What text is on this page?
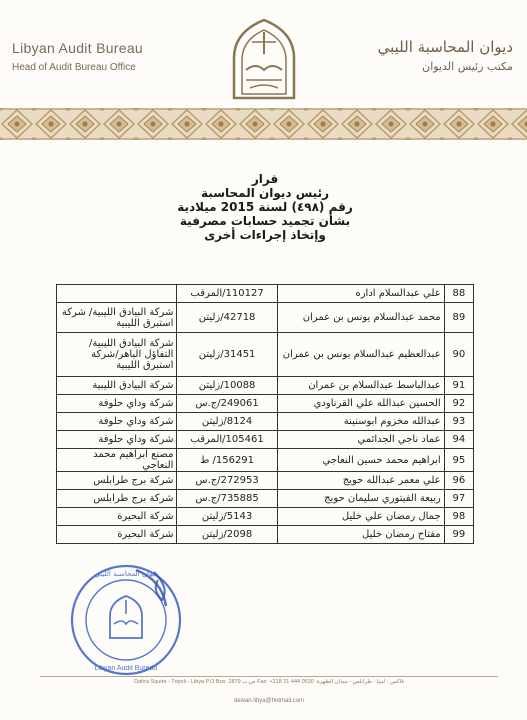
Libyan Audit Bureau
Head of Audit Bureau Office
ديوان المحاسبة الليبي
مكتب رئيس الديوان
قرار
رئيس ديوان المحاسبة
رقم (٤٩٨) لسنة 2015 ميلادية
بشأن تجميد حسابات مصرفية
وإتخاذ إجراءات أخرى
88	علي عبدالسلام اداره	110127/المرقب	
89	محمد عبدالسلام يونس بن عمران	42718/زليتن	شركة البيادق الليبية/ شركة استبرق الليبية
90	عبدالعظيم عبدالسلام يونس بن عمران	31451/زليتن	شركة البيادق الليبية/ التفاؤل الباهر/شركة استبرق الليبية
91	عبدالباسط عبدالسلام بن عمران	10088/زليتن	شركة البيادق الليبية
92	الحسين عبدالله علي القرناودي	249061/ج.س	شركة وداي حلوفة
93	عبدالله مخزوم ابوسنينة	8124/زليتن	شركة وداي حلوفة
94	عماد ناجي الجدائمي	105461/المرقب	شركة وداي حلوفة
95	ابراهيم محمد حسين النعاجي	156291/ ط	مصنع ابراهيم محمد النعاجي
96	علي معمر عبدالله حويج	272953/ج.س	شركة برج طرابلس
97	ربيعة الفيتوري سليمان حويج	735885/ج.س	شركة برج طرابلس
98	جمال رمضان علي خليل	5143/زليتن	شركة البحيرة
99	مفتاح رمضان خليل	2098/زليتن	شركة البحيرة
ديوان المحاسبة الليبي
Libyan Audit Bureau
Dahra Squire - Tripoli - Libya P.O.Box: 2879 ص.ب Fax: +218 21 444 0630 :فاكس - ليبيا - طرابلس - ميدان الظهرة
dewan.libya@hotmail.com
